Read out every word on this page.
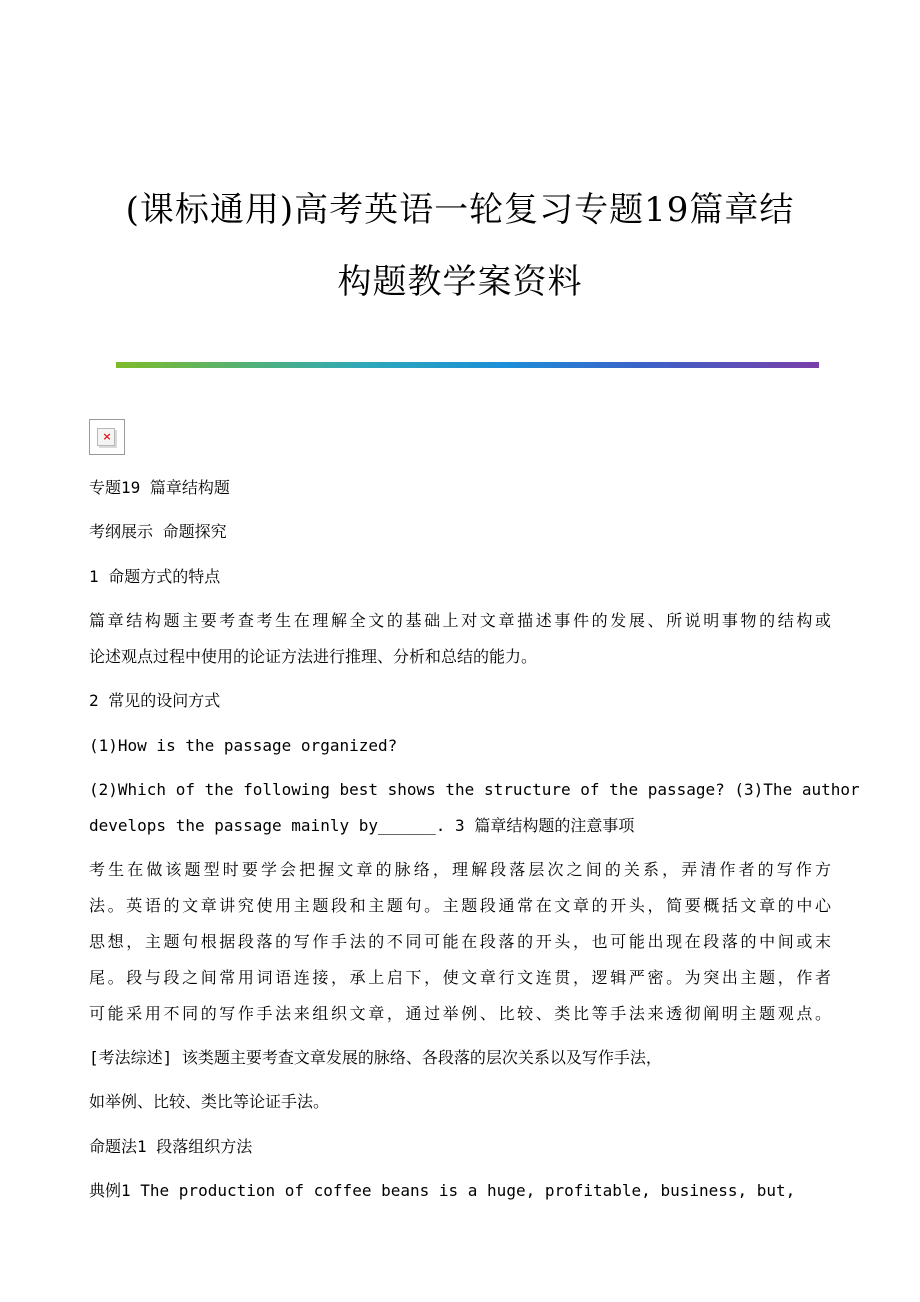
(课标通用)高考英语一轮复习专题19篇章结
构题教学案资料
×

专题19 篇章结构题

考纲展示 命题探究

1 命题方式的特点

篇章结构题主要考查考生在理解全文的基础上对文章描述事件的发展、所说明事物的结构或

论述观点过程中使用的论证方法进行推理、分析和总结的能力。

2 常见的设问方式

(1)How is the passage organized?

(2)Which of the following best shows the structure of the passage? (3)The author

develops the passage mainly by______. 3 篇章结构题的注意事项

考生在做该题型时要学会把握文章的脉络，理解段落层次之间的关系，弄清作者的写作方

法。英语的文章讲究使用主题段和主题句。主题段通常在文章的开头，简要概括文章的中心

思想，主题句根据段落的写作手法的不同可能在段落的开头，也可能出现在段落的中间或末

尾。段与段之间常用词语连接，承上启下，使文章行文连贯，逻辑严密。为突出主题，作者

可能采用不同的写作手法来组织文章，通过举例、比较、类比等手法来透彻阐明主题观点。

[考法综述] 该类题主要考查文章发展的脉络、各段落的层次关系以及写作手法，

如举例、比较、类比等论证手法。

命题法1 段落组织方法

典例1 The production of coffee beans is a huge, profitable, business, but,
